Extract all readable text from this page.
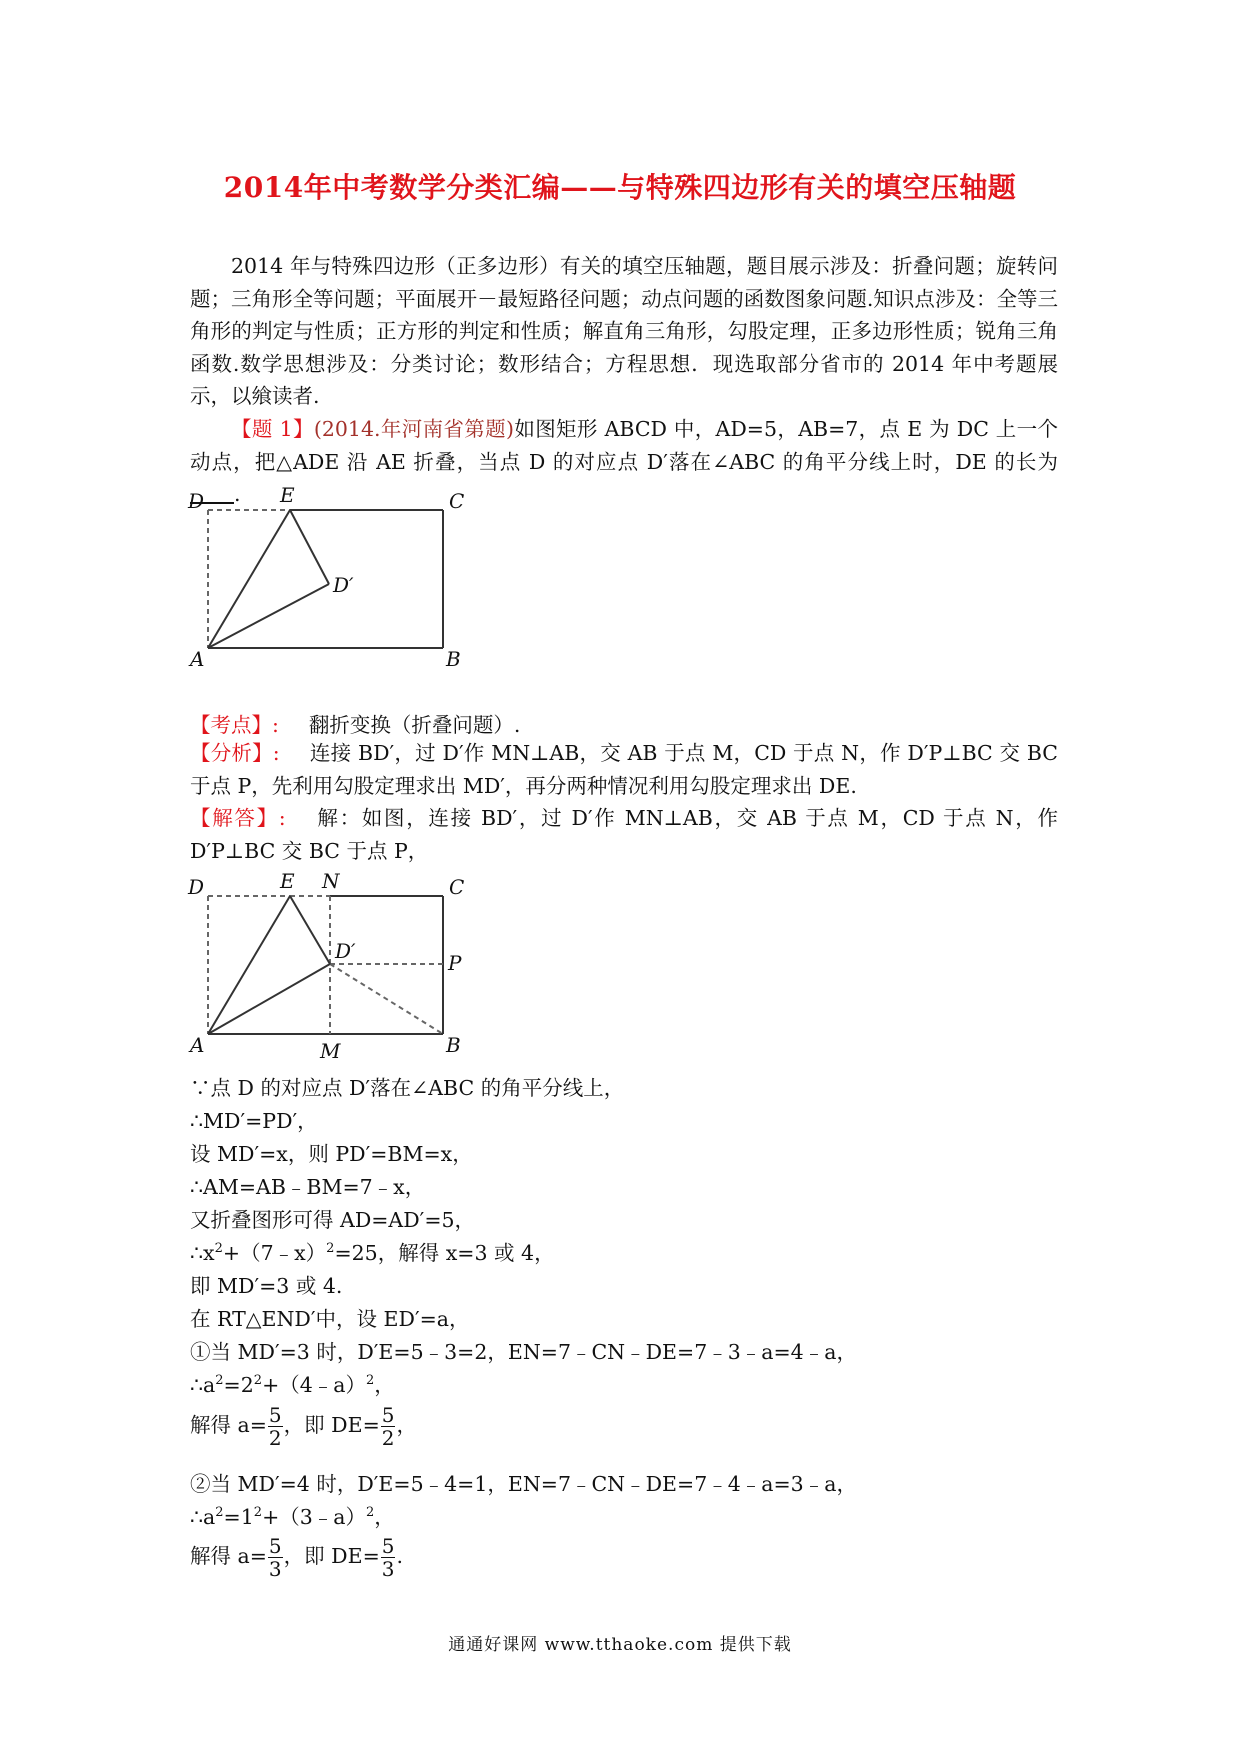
2014年中考数学分类汇编——与特殊四边形有关的填空压轴题
2014 年与特殊四边形（正多边形）有关的填空压轴题，题目展示涉及：折叠问题；旋转问题；三角形全等问题；平面展开－最短路径问题；动点问题的函数图象问题.知识点涉及：全等三角形的判定与性质；正方形的判定和性质；解直角三角形，勾股定理，正多边形性质；锐角三角函数.数学思想涉及：分类讨论；数形结合；方程思想．现选取部分省市的 2014 年中考题展示，以飨读者.
【题 1】(2014.年河南省第题)如图矩形 ABCD 中，AD=5，AB=7，点 E 为 DC 上一个动点，把△ADE 沿 AE 折叠，当点 D 的对应点 D′落在∠ABC 的角平分线上时，DE 的长为.
D	E	C
D′
A	B
【考点】: 翻折变换（折叠问题）.
【分析】: 连接 BD′，过 D′作 MN⊥AB，交 AB 于点 M，CD 于点 N，作 D′P⊥BC 交 BC 于点 P，先利用勾股定理求出 MD′，再分两种情况利用勾股定理求出 DE.
【解答】: 解：如图，连接 BD′，过 D′作 MN⊥AB，交 AB 于点 M，CD 于点 N，作 D′P⊥BC 交 BC 于点 P，
D	E N	C
D′	P
A	M	B
∵点 D 的对应点 D′落在∠ABC 的角平分线上，
∴MD′=PD′，
设 MD′=x，则 PD′=BM=x，
∴AM=AB﹣BM=7﹣x，
又折叠图形可得 AD=AD′=5，
$\therefore x^2+(7﹣x)^2=25$，解得 x=3 或 4，
即 MD′=3 或 4.
在 RT△END′中，设 ED′=a，
①当 MD′=3 时，D′E=5﹣3=2，EN=7﹣CN﹣DE=7﹣3﹣a=4﹣a，
$\therefore a^2=2^2+(4﹣a)^2$，
解得 $a= \frac{5}{2}$ ，即 $DE= \frac{5}{2}$ ，
②当 MD′=4 时，D′E=5﹣4=1，EN=7﹣CN﹣DE=7﹣4﹣a=3﹣a，
$\therefore a^2=1^2+(3﹣a)^2$，
解得 $a= \frac{5}{3}$ ，即 $DE= \frac{5}{3}$ .
通通好课网 www.tthaoke.com 提供下载
